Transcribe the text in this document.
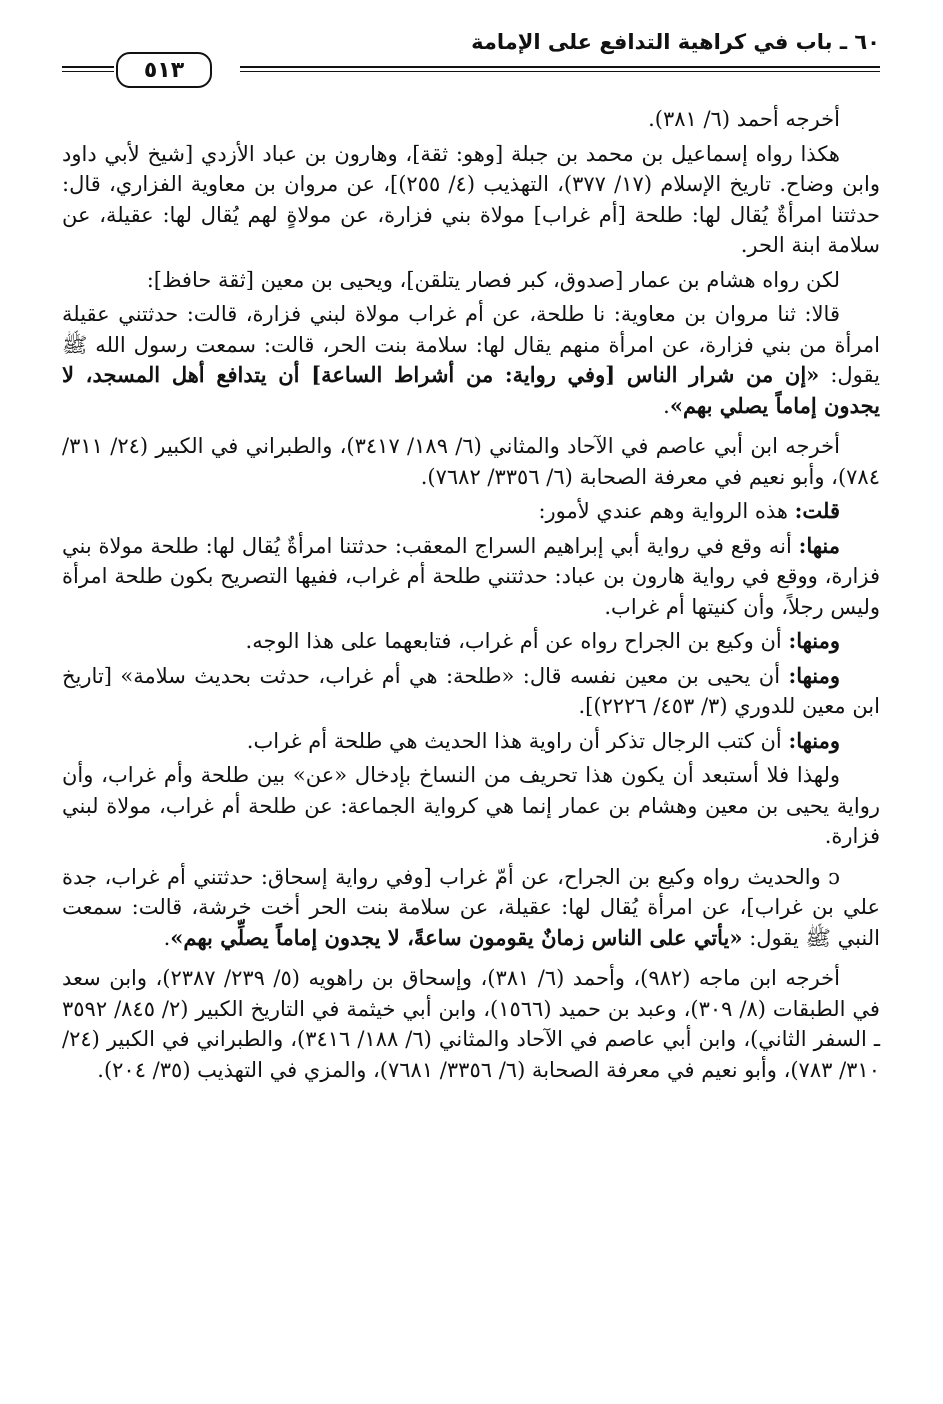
٦٠ ـ باب في كراهية التدافع على الإمامة
٥١٣

أخرجه أحمد (٦/ ٣٨١).

هكذا رواه إسماعيل بن محمد بن جبلة [وهو: ثقة]، وهارون بن عباد الأزدي [شيخ لأبي داود وابن وضاح. تاريخ الإسلام (١٧/ ٣٧٧)، التهذيب (٤/ ٢٥٥)]، عن مروان بن معاوية الفزاري، قال: حدثتنا امرأةٌ يُقال لها: طلحة [أم غراب] مولاة بني فزارة، عن مولاةٍ لهم يُقال لها: عقيلة، عن سلامة ابنة الحر.

لكن رواه هشام بن عمار [صدوق، كبر فصار يتلقن]، ويحيى بن معين [ثقة حافظ]:

قالا: ثنا مروان بن معاوية: نا طلحة، عن أم غراب مولاة لبني فزارة، قالت: حدثتني عقيلة امرأة من بني فزارة، عن امرأة منهم يقال لها: سلامة بنت الحر، قالت: سمعت رسول الله ﷺ يقول: «إن من شرار الناس [وفي رواية: من أشراط الساعة] أن يتدافع أهل المسجد، لا يجدون إماماً يصلي بهم».

أخرجه ابن أبي عاصم في الآحاد والمثاني (٦/ ١٨٩/ ٣٤١٧)، والطبراني في الكبير (٢٤/ ٣١١/ ٧٨٤)، وأبو نعيم في معرفة الصحابة (٦/ ٣٣٥٦/ ٧٦٨٢).

قلت: هذه الرواية وهم عندي لأمور:

منها: أنه وقع في رواية أبي إبراهيم السراج المعقب: حدثتنا امرأةٌ يُقال لها: طلحة مولاة بني فزارة، ووقع في رواية هارون بن عباد: حدثتني طلحة أم غراب، ففيها التصريح بكون طلحة امرأة وليس رجلاً، وأن كنيتها أم غراب.

ومنها: أن وكيع بن الجراح رواه عن أم غراب، فتابعهما على هذا الوجه.

ومنها: أن يحيى بن معين نفسه قال: «طلحة: هي أم غراب، حدثت بحديث سلامة» [تاريخ ابن معين للدوري (٣/ ٤٥٣/ ٢٢٢٦)].

ومنها: أن كتب الرجال تذكر أن راوية هذا الحديث هي طلحة أم غراب.

ولهذا فلا أستبعد أن يكون هذا تحريف من النساخ بإدخال «عن» بين طلحة وأم غراب، وأن رواية يحيى بن معين وهشام بن عمار إنما هي كرواية الجماعة: عن طلحة أم غراب، مولاة لبني فزارة.

ᴐ والحديث رواه وكيع بن الجراح، عن أمّ غراب [وفي رواية إسحاق: حدثتني أم غراب، جدة علي بن غراب]، عن امرأة يُقال لها: عقيلة، عن سلامة بنت الحر أخت خرشة، قالت: سمعت النبي ﷺ يقول: «يأتي على الناس زمانٌ يقومون ساعةً، لا يجدون إماماً يصلِّي بهم».

أخرجه ابن ماجه (٩٨٢)، وأحمد (٦/ ٣٨١)، وإسحاق بن راهويه (٥/ ٢٣٩/ ٢٣٨٧)، وابن سعد في الطبقات (٨/ ٣٠٩)، وعبد بن حميد (١٥٦٦)، وابن أبي خيثمة في التاريخ الكبير (٢/ ٨٤٥/ ٣٥٩٢ ـ السفر الثاني)، وابن أبي عاصم في الآحاد والمثاني (٦/ ١٨٨/ ٣٤١٦)، والطبراني في الكبير (٢٤/ ٣١٠/ ٧٨٣)، وأبو نعيم في معرفة الصحابة (٦/ ٣٣٥٦/ ٧٦٨١)، والمزي في التهذيب (٣٥/ ٢٠٤).
